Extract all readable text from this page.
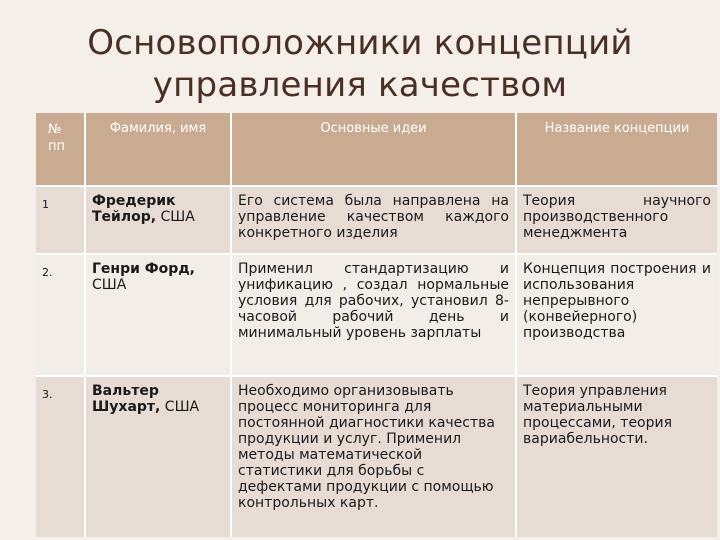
Основоположники концепций
управления качеством
№ пп	Фамилия, имя	Основные идеи	Название концепции
1	Фредерик Тейлор, США	Его система была направлена на управление качеством каждого конкретного изделия	Теория научного производственного менеджмента
2.	Генри Форд, США	Применил стандартизацию и унификацию , создал нормальные условия для рабочих, установил 8-часовой рабочий день и минимальный уровень зарплаты	Концепция построения и использования непрерывного (конвейерного) производства
3.	Вальтер Шухарт, США	Необходимо организовывать процесс мониторинга для постоянной диагностики качества продукции и услуг. Применил методы математической статистики для борьбы с дефектами продукции с помощью контрольных карт.	Теория управления материальными процессами, теория вариабельности.
